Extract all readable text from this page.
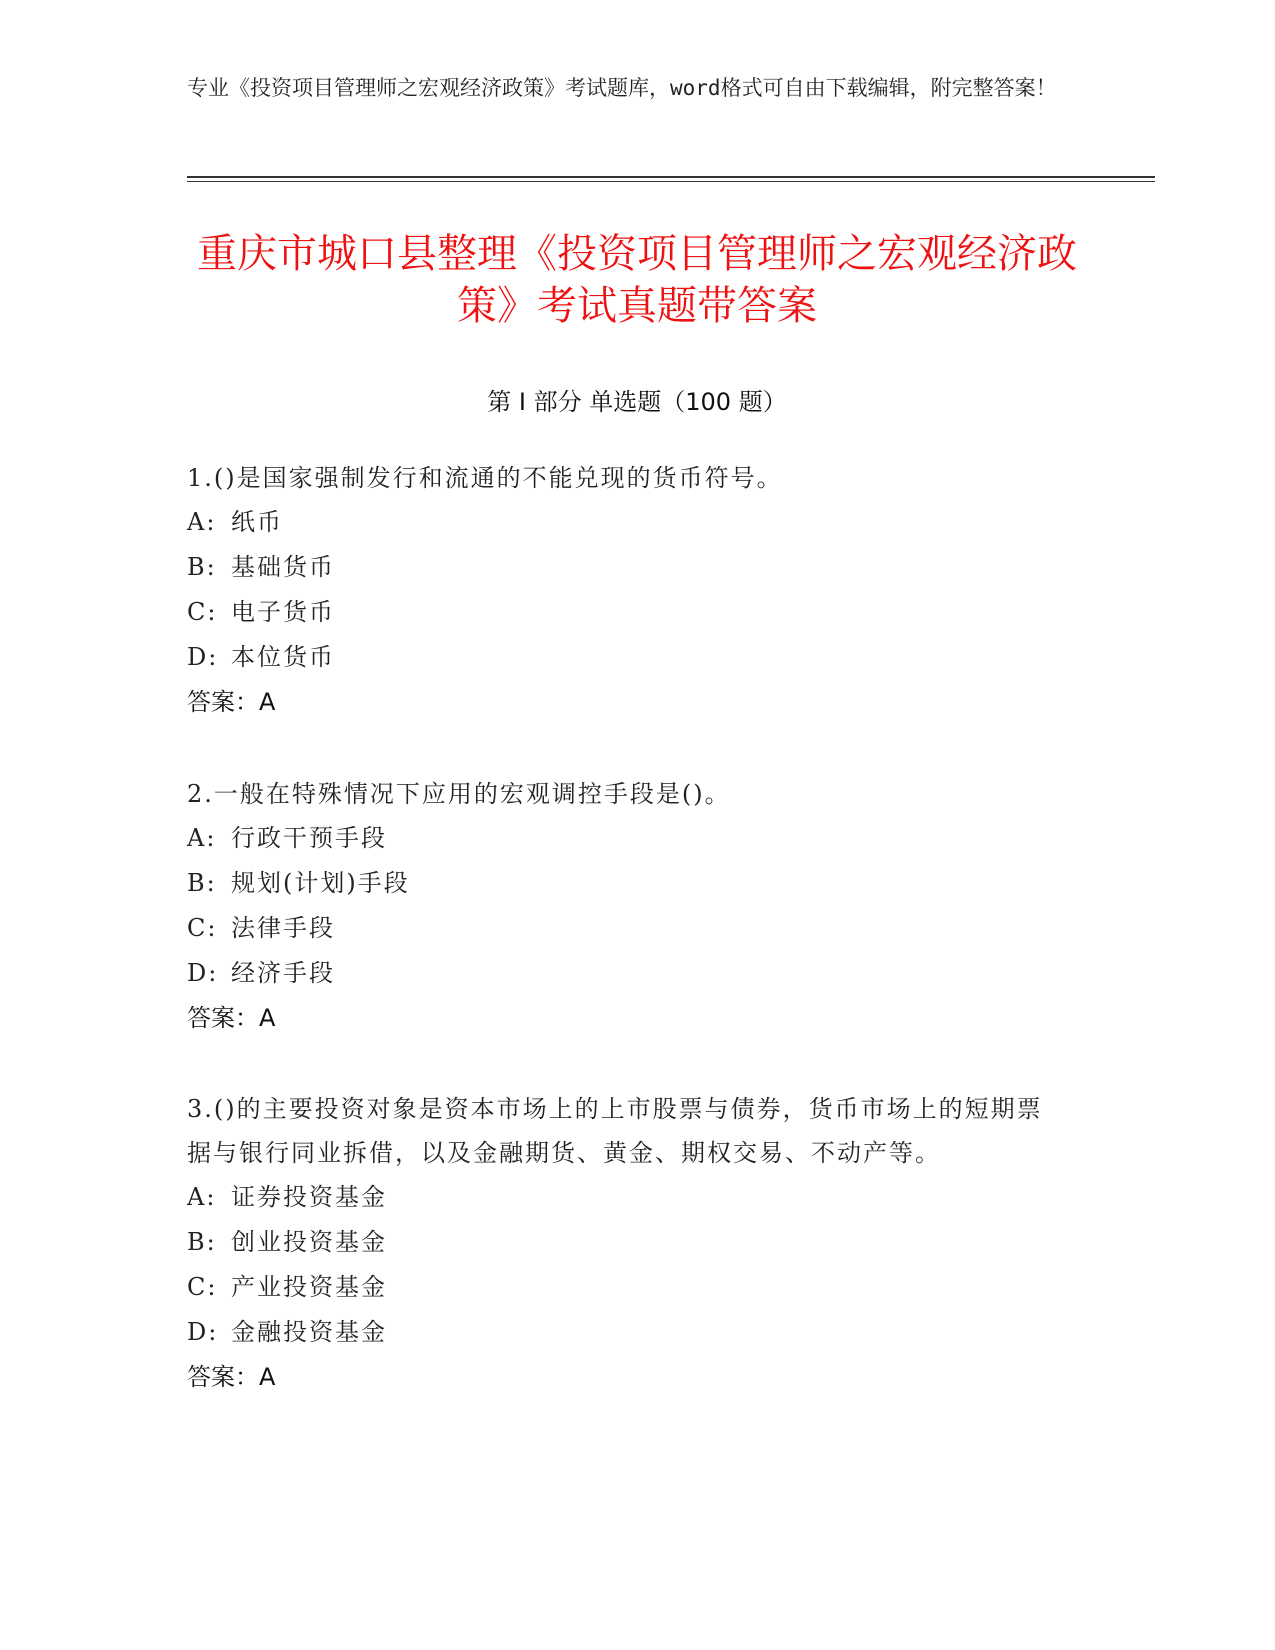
专业《投资项目管理师之宏观经济政策》考试题库，word格式可自由下载编辑，附完整答案！
重庆市城口县整理《投资项目管理师之宏观经济政策》考试真题带答案
第 I 部分 单选题（100 题）
1.()是国家强制发行和流通的不能兑现的货币符号。
A: 纸币
B: 基础货币
C: 电子货币
D: 本位货币
答案：A
2.一般在特殊情况下应用的宏观调控手段是()。
A: 行政干预手段
B: 规划(计划)手段
C: 法律手段
D: 经济手段
答案：A
3.()的主要投资对象是资本市场上的上市股票与债券，货币市场上的短期票据与银行同业拆借，以及金融期货、黄金、期权交易、不动产等。
A: 证券投资基金
B: 创业投资基金
C: 产业投资基金
D: 金融投资基金
答案：A
